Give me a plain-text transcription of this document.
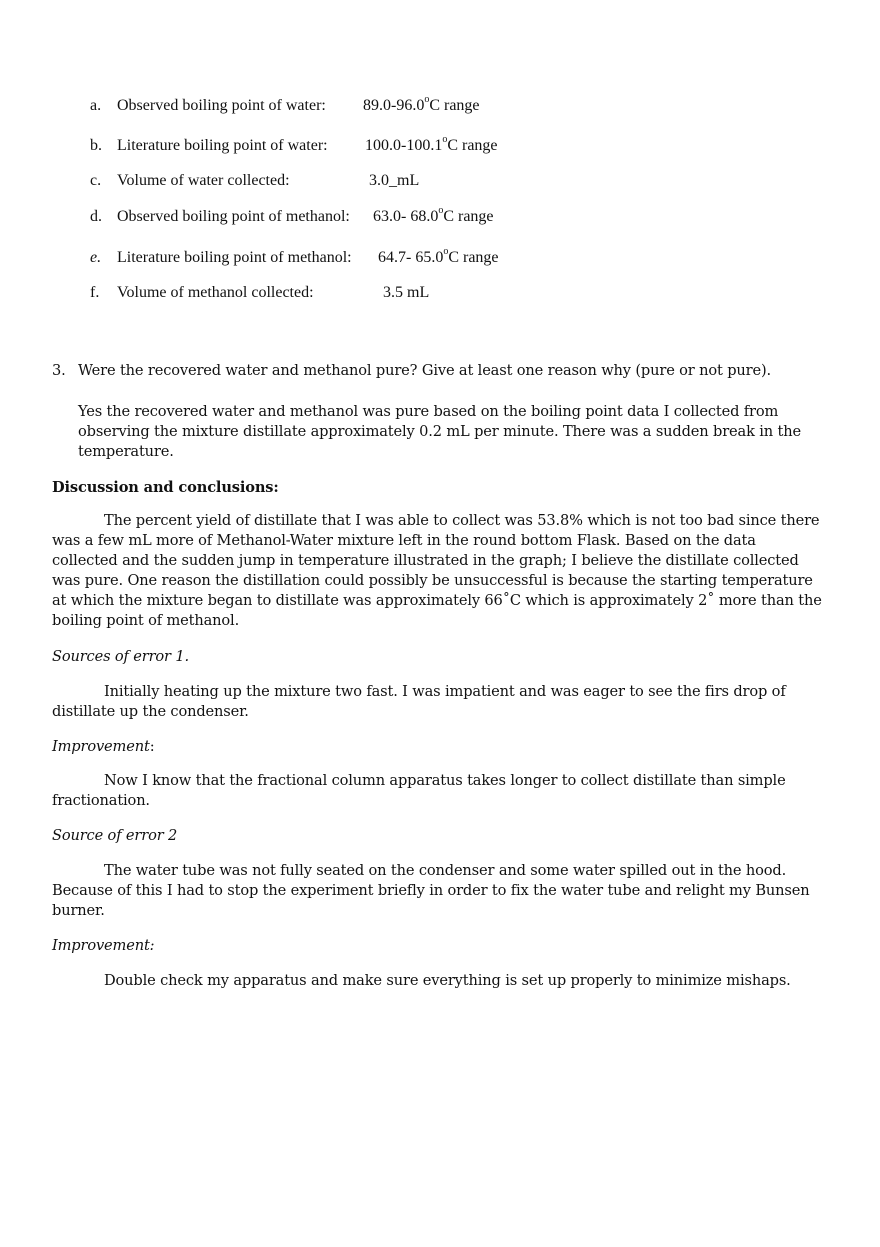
a. Observed boiling point of water: 89.0-96.0$^o$C range
b. Literature boiling point of water: 100.0-100.1$^o$C range
c. Volume of water collected:	3.0_mL
d. Observed boiling point of methanol: 63.0- 68.0$^o$C range
e. Literature boiling point of methanol: 64.7- 65.0$^o$C range
f. Volume of methanol collected:	3.5 mL
3. Were the recovered water and methanol pure? Give at least one reason why (pure or not pure).
Yes the recovered water and methanol was pure based on the boiling point data I collected from
observing the mixture distillate approximately 0.2 mL per minute. There was a sudden break in the
temperature.
Discussion and conclusions:
The percent yield of distillate that I was able to collect was 53.8% which is not too bad since there
was a few mL more of Methanol-Water mixture left in the round bottom Flask. Based on the data
collected and the sudden jump in temperature illustrated in the graph; I believe the distillate collected
was pure. One reason the distillation could possibly be unsuccessful is because the starting temperature
at which the mixture began to distillate was approximately 66˚C which is approximately 2˚ more than the
boiling point of methanol.
Sources of error 1.
Initially heating up the mixture two fast. I was impatient and was eager to see the firs drop of
distillate up the condenser.
Improvement:
Now I know that the fractional column apparatus takes longer to collect distillate than simple
fractionation.
Source of error 2
The water tube was not fully seated on the condenser and some water spilled out in the hood.
Because of this I had to stop the experiment briefly in order to fix the water tube and relight my Bunsen
burner.
Improvement:
Double check my apparatus and make sure everything is set up properly to minimize mishaps.
